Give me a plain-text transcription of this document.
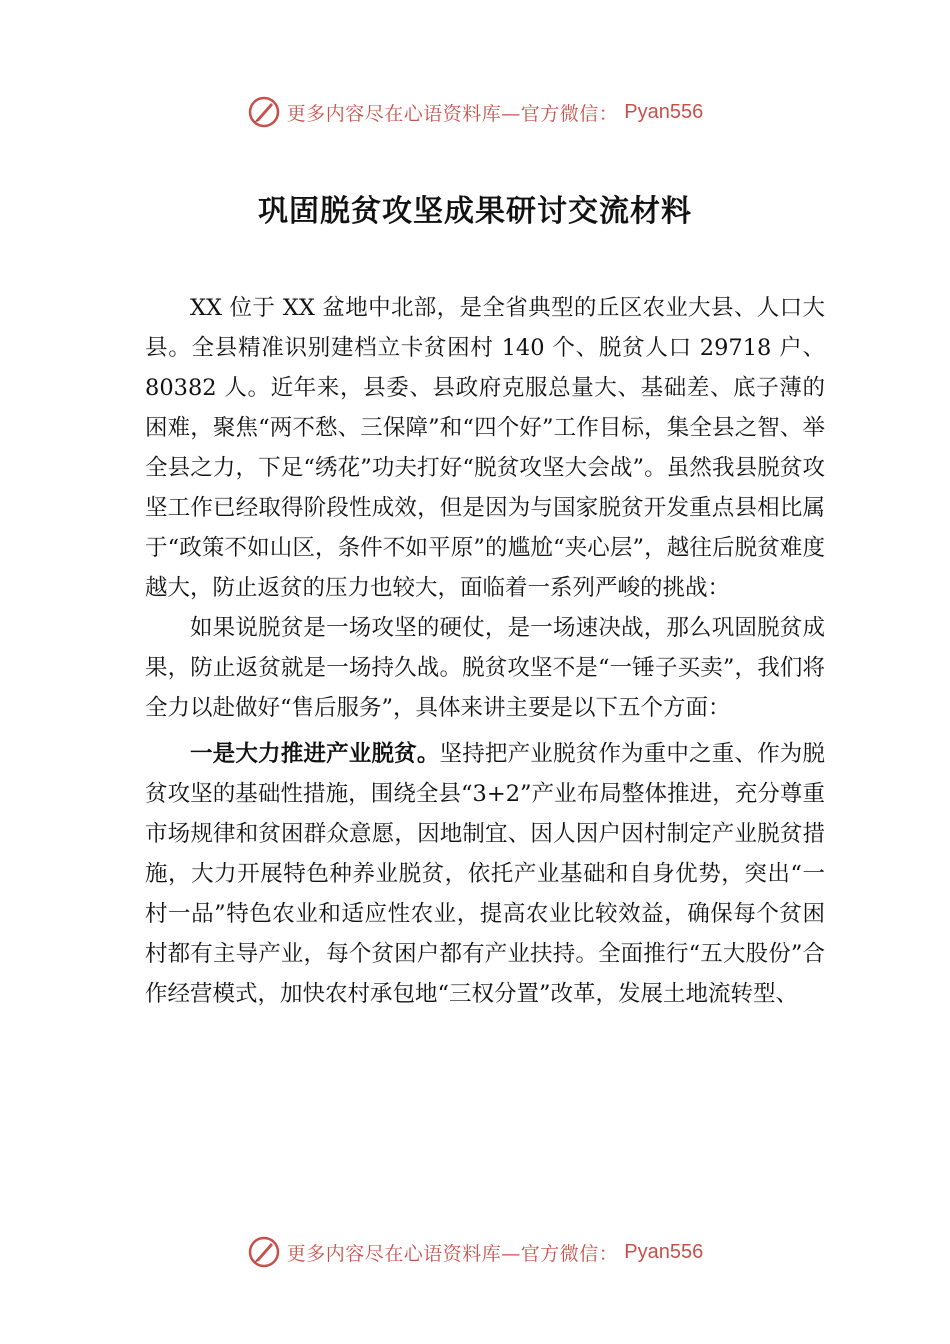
更多内容尽在心语资料库—官方微信： Pyan556
巩固脱贫攻坚成果研讨交流材料

XX 位于 XX 盆地中北部，是全省典型的丘区农业大县、人口大县。全县精准识别建档立卡贫困村 140 个、脱贫人口 29718 户、80382 人。近年来，县委、县政府克服总量大、基础差、底子薄的困难，聚焦“两不愁、三保障”和“四个好”工作目标，集全县之智、举全县之力，下足“绣花”功夫打好“脱贫攻坚大会战”。虽然我县脱贫攻坚工作已经取得阶段性成效，但是因为与国家脱贫开发重点县相比属于“政策不如山区，条件不如平原”的尴尬“夹心层”，越往后脱贫难度越大，防止返贫的压力也较大，面临着一系列严峻的挑战：

如果说脱贫是一场攻坚的硬仗，是一场速决战，那么巩固脱贫成果，防止返贫就是一场持久战。脱贫攻坚不是“一锤子买卖”，我们将全力以赴做好“售后服务”，具体来讲主要是以下五个方面：

一是大力推进产业脱贫。坚持把产业脱贫作为重中之重、作为脱贫攻坚的基础性措施，围绕全县“3+2”产业布局整体推进，充分尊重市场规律和贫困群众意愿，因地制宜、因人因户因村制定产业脱贫措施，大力开展特色种养业脱贫，依托产业基础和自身优势，突出“一村一品”特色农业和适应性农业，提高农业比较效益，确保每个贫困村都有主导产业，每个贫困户都有产业扶持。全面推行“五大股份”合作经营模式，加快农村承包地“三权分置”改革，发展土地流转型、

更多内容尽在心语资料库—官方微信： Pyan556
